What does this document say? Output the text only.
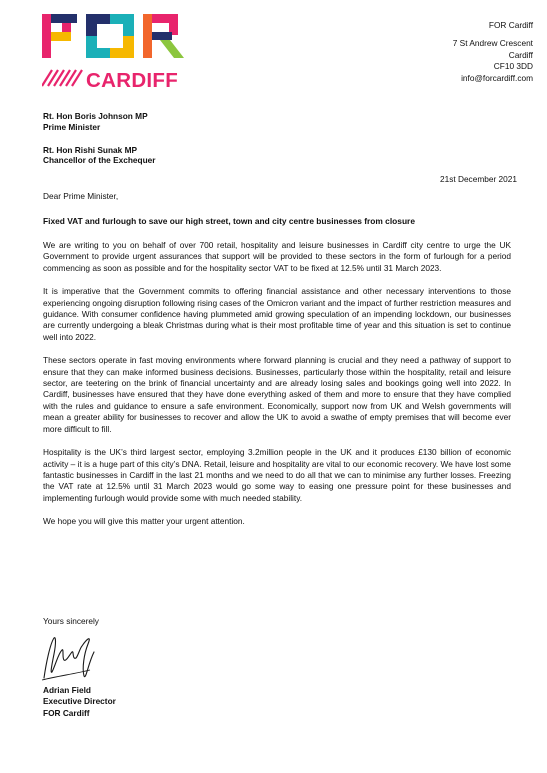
CARDIFF
FOR Cardiff
7 St Andrew Crescent
Cardiff
CF10 3DD
info@forcardiff.com
Rt. Hon Boris Johnson MP
Prime Minister
Rt. Hon Rishi Sunak MP
Chancellor of the Exchequer
21st December 2021
Dear Prime Minister,
Fixed VAT and furlough to save our high street, town and city centre businesses from closure

We are writing to you on behalf of over 700 retail, hospitality and leisure businesses in Cardiff city centre to urge the UK Government to provide urgent assurances that support will be provided to these sectors in the form of furlough for a period commencing as soon as possible and for the hospitality sector VAT to be fixed at 12.5% until 31 March 2023.

It is imperative that the Government commits to offering financial assistance and other necessary interventions to those experiencing ongoing disruption following rising cases of the Omicron variant and the impact of further restriction measures and guidance. With consumer confidence having plummeted amid growing speculation of an impending lockdown, our businesses are currently undergoing a bleak Christmas during what is their most profitable time of year and this situation is set to continue well into 2022.

These sectors operate in fast moving environments where forward planning is crucial and they need a pathway of support to ensure that they can make informed business decisions. Businesses, particularly those within the hospitality, retail and leisure sector, are teetering on the brink of financial uncertainty and are already losing sales and bookings going well into 2022. In Cardiff, businesses have ensured that they have done everything asked of them and more to ensure that they have complied with the rules and guidance to ensure a safe environment. Economically, support now from UK and Welsh governments will mean a greater ability for businesses to recover and allow the UK to avoid a swathe of empty premises that will become ever more difficult to fill.

Hospitality is the UK’s third largest sector, employing 3.2million people in the UK and it produces £130 billion of economic activity – it is a huge part of this city’s DNA. Retail, leisure and hospitality are vital to our economic recovery. We have lost some fantastic businesses in Cardiff in the last 21 months and we need to do all that we can to minimise any further losses. Freezing the VAT rate at 12.5% until 31 March 2023 would go some way to easing one pressure point for these businesses and implementing furlough would provide some with much needed stability.

We hope you will give this matter your urgent attention.

Yours sincerely
Adrian Field
Executive Director
FOR Cardiff
